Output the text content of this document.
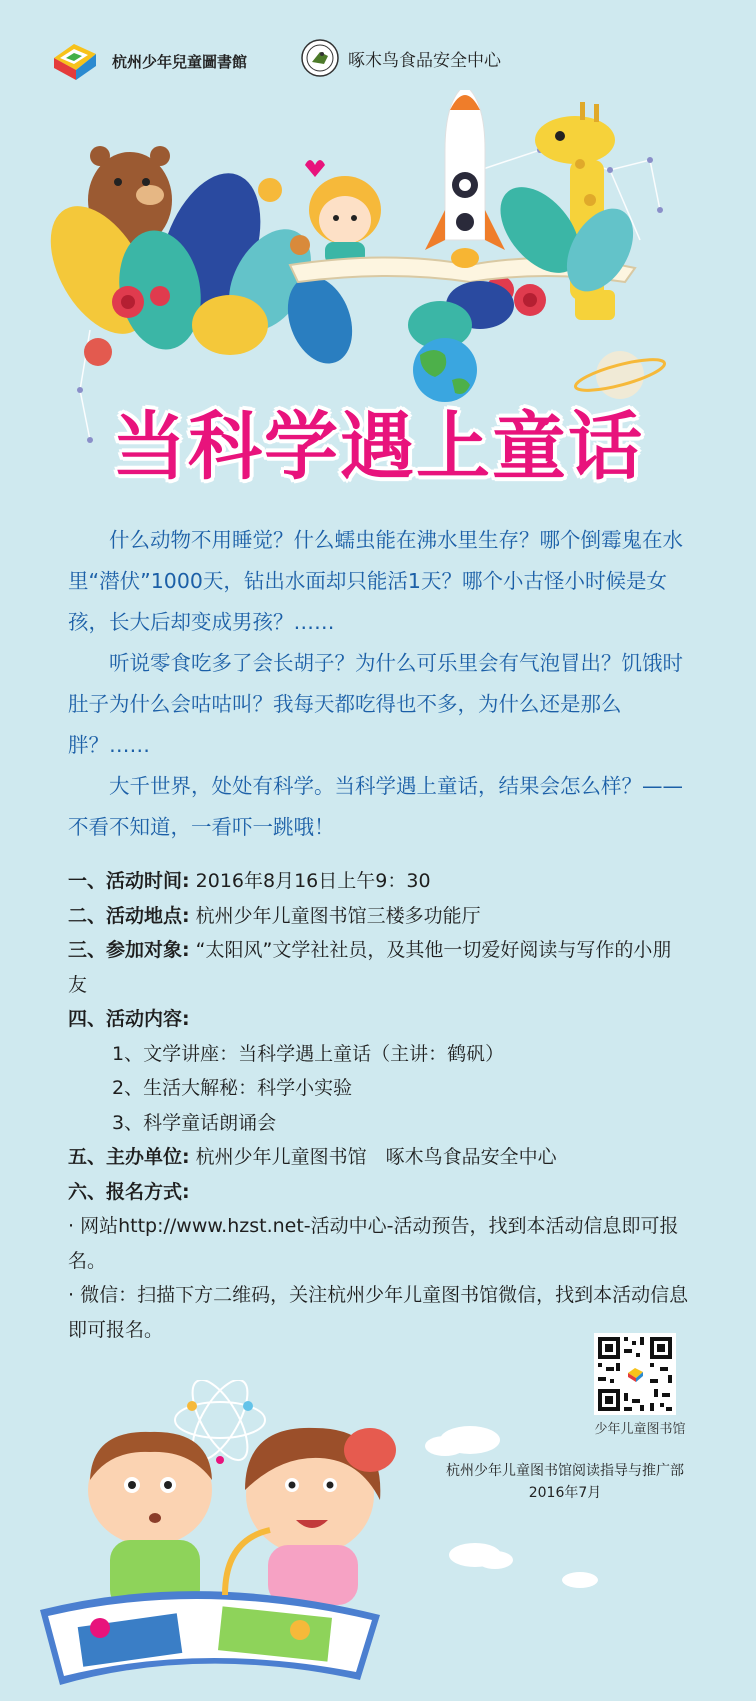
杭州少年兒童圖書館	啄木鸟食品安全中心
当科学遇上童话

什么动物不用睡觉？什么蠕虫能在沸水里生存？哪个倒霉鬼在水里“潜伏”1000天，钻出水面却只能活1天？哪个小古怪小时候是女孩，长大后却变成男孩？……

听说零食吃多了会长胡子？为什么可乐里会有气泡冒出？饥饿时肚子为什么会咕咕叫？我每天都吃得也不多，为什么还是那么胖？……

大千世界，处处有科学。当科学遇上童话，结果会怎么样？——不看不知道，一看吓一跳哦！

一、活动时间: 2016年8月16日上午9：30

二、活动地点: 杭州少年儿童图书馆三楼多功能厅

三、参加对象: “太阳风”文学社社员，及其他一切爱好阅读与写作的小朋友

四、活动内容:

1、文学讲座：当科学遇上童话（主讲：鹤矾）

2、生活大解秘：科学小实验

3、科学童话朗诵会

五、主办单位: 杭州少年儿童图书馆　啄木鸟食品安全中心

六、报名方式:

· 网站http://www.hzst.net-活动中心-活动预告，找到本活动信息即可报名。

· 微信：扫描下方二维码，关注杭州少年儿童图书馆微信，找到本活动信息即可报名。

少年儿童图书馆
杭州少年儿童图书馆阅读指导与推广部
2016年7月
